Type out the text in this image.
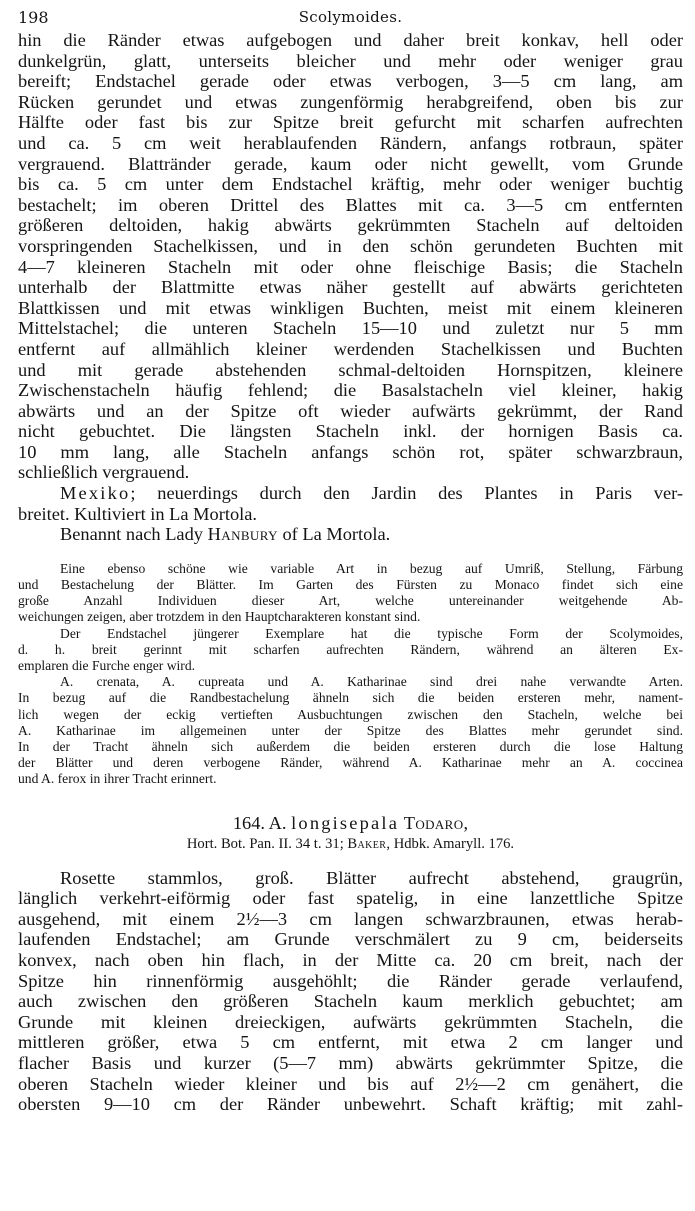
198	Scolymoides.

hin die Ränder etwas aufgebogen und daher breit konkav, hell oder
dunkelgrün, glatt, unterseits bleicher und mehr oder weniger grau
bereift; Endstachel gerade oder etwas verbogen, 3—5 cm lang, am
Rücken gerundet und etwas zungenförmig herabgreifend, oben bis zur
Hälfte oder fast bis zur Spitze breit gefurcht mit scharfen aufrechten
und ca. 5 cm weit herablaufenden Rändern, anfangs rotbraun, später
vergrauend. Blattränder gerade, kaum oder nicht gewellt, vom Grunde
bis ca. 5 cm unter dem Endstachel kräftig, mehr oder weniger buchtig
bestachelt; im oberen Drittel des Blattes mit ca. 3—5 cm entfernten
größeren deltoiden, hakig abwärts gekrümmten Stacheln auf deltoiden
vorspringenden Stachelkissen, und in den schön gerundeten Buchten mit
4—7 kleineren Stacheln mit oder ohne fleischige Basis; die Stacheln
unterhalb der Blattmitte etwas näher gestellt auf abwärts gerichteten
Blattkissen und mit etwas winkligen Buchten, meist mit einem kleineren
Mittelstachel; die unteren Stacheln 15—10 und zuletzt nur 5 mm
entfernt auf allmählich kleiner werdenden Stachelkissen und Buchten
und mit gerade abstehenden schmal-deltoiden Hornspitzen, kleinere
Zwischenstacheln häufig fehlend; die Basalstacheln viel kleiner, hakig
abwärts und an der Spitze oft wieder aufwärts gekrümmt, der Rand
nicht gebuchtet. Die längsten Stacheln inkl. der hornigen Basis ca.
10 mm lang, alle Stacheln anfangs schön rot, später schwarzbraun,
schließlich vergrauend.

Mexiko; neuerdings durch den Jardin des Plantes in Paris ver-
breitet. Kultiviert in La Mortola.

Benannt nach Lady Hanbury of La Mortola.

Eine ebenso schöne wie variable Art in bezug auf Umriß, Stellung, Färbung
und Bestachelung der Blätter. Im Garten des Fürsten zu Monaco findet sich eine
große Anzahl Individuen dieser Art, welche untereinander weitgehende Ab-
weichungen zeigen, aber trotzdem in den Hauptcharakteren konstant sind.

Der Endstachel jüngerer Exemplare hat die typische Form der Scolymoides,
d. h. breit gerinnt mit scharfen aufrechten Rändern, während an älteren Ex-
emplaren die Furche enger wird.

A. crenata, A. cupreata und A. Katharinae sind drei nahe verwandte Arten.
In bezug auf die Randbestachelung ähneln sich die beiden ersteren mehr, nament-
lich wegen der eckig vertieften Ausbuchtungen zwischen den Stacheln, welche bei
A. Katharinae im allgemeinen unter der Spitze des Blattes mehr gerundet sind.
In der Tracht ähneln sich außerdem die beiden ersteren durch die lose Haltung
der Blätter und deren verbogene Ränder, während A. Katharinae mehr an A. coccinea
und A. ferox in ihrer Tracht erinnert.

164. A. longisepala Todaro,
Hort. Bot. Pan. II. 34 t. 31; Baker, Hdbk. Amaryll. 176.

Rosette stammlos, groß. Blätter aufrecht abstehend, graugrün,
länglich verkehrt-eiförmig oder fast spatelig, in eine lanzettliche Spitze
ausgehend, mit einem 2½—3 cm langen schwarzbraunen, etwas herab-
laufenden Endstachel; am Grunde verschmälert zu 9 cm, beiderseits
konvex, nach oben hin flach, in der Mitte ca. 20 cm breit, nach der
Spitze hin rinnenförmig ausgehöhlt; die Ränder gerade verlaufend,
auch zwischen den größeren Stacheln kaum merklich gebuchtet; am
Grunde mit kleinen dreieckigen, aufwärts gekrümmten Stacheln, die
mittleren größer, etwa 5 cm entfernt, mit etwa 2 cm langer und
flacher Basis und kurzer (5—7 mm) abwärts gekrümmter Spitze, die
oberen Stacheln wieder kleiner und bis auf 2½—2 cm genähert, die
obersten 9—10 cm der Ränder unbewehrt. Schaft kräftig; mit zahl-
